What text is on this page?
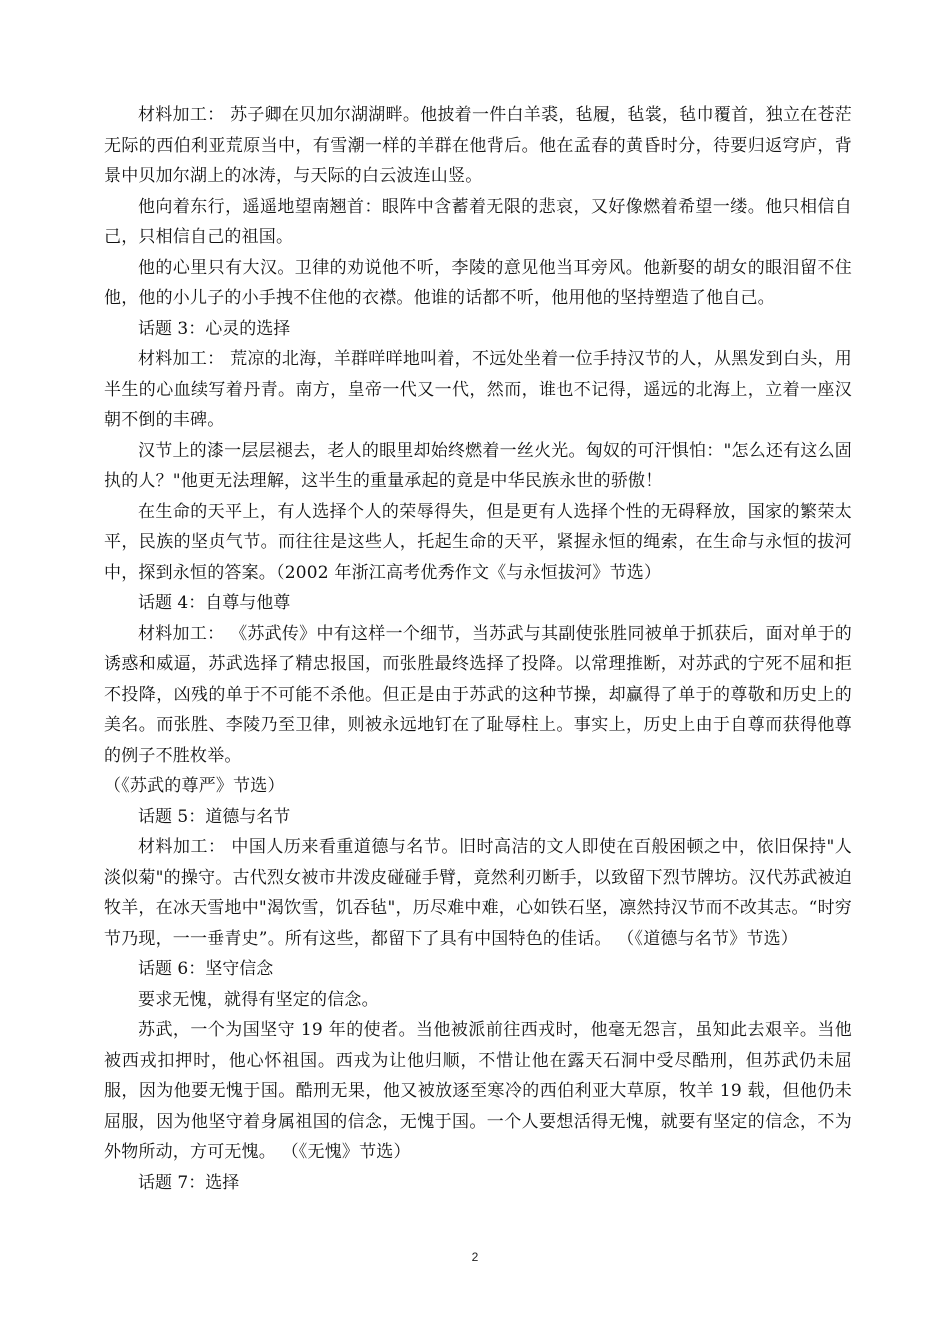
材料加工： 苏子卿在贝加尔湖湖畔。他披着一件白羊裘，毡履，毡裳，毡巾覆首，独立在苍茫无际的西伯利亚荒原当中，有雪潮一样的羊群在他背后。他在孟春的黄昏时分，待要归返穹庐，背景中贝加尔湖上的冰涛，与天际的白云波连山竖。

他向着东行，遥遥地望南翘首：眼阵中含蓄着无限的悲哀，又好像燃着希望一缕。他只相信自己，只相信自己的祖国。

他的心里只有大汉。卫律的劝说他不听，李陵的意见他当耳旁风。他新娶的胡女的眼泪留不住他，他的小儿子的小手拽不住他的衣襟。他谁的话都不听，他用他的坚持塑造了他自己。

话题 3：心灵的选择

材料加工： 荒凉的北海，羊群咩咩地叫着，不远处坐着一位手持汉节的人，从黑发到白头，用半生的心血续写着丹青。南方，皇帝一代又一代，然而，谁也不记得，遥远的北海上，立着一座汉朝不倒的丰碑。

汉节上的漆一层层褪去，老人的眼里却始终燃着一丝火光。匈奴的可汗惧怕："怎么还有这么固执的人？"他更无法理解，这半生的重量承起的竟是中华民族永世的骄傲！

在生命的天平上，有人选择个人的荣辱得失，但是更有人选择个性的无碍释放，国家的繁荣太平，民族的坚贞气节。而往往是这些人，托起生命的天平，紧握永恒的绳索，在生命与永恒的拔河中，探到永恒的答案。（2002 年浙江高考优秀作文《与永恒拔河》节选）

话题 4：自尊与他尊

材料加工： 《苏武传》中有这样一个细节，当苏武与其副使张胜同被单于抓获后，面对单于的诱惑和威逼，苏武选择了精忠报国，而张胜最终选择了投降。以常理推断，对苏武的宁死不屈和拒不投降，凶残的单于不可能不杀他。但正是由于苏武的这种节操，却赢得了单于的尊敬和历史上的美名。而张胜、李陵乃至卫律，则被永远地钉在了耻辱柱上。事实上，历史上由于自尊而获得他尊的例子不胜枚举。

（《苏武的尊严》节选）

话题 5：道德与名节

材料加工： 中国人历来看重道德与名节。旧时高洁的文人即使在百般困顿之中，依旧保持"人淡似菊"的操守。古代烈女被市井泼皮碰碰手臂，竟然利刃断手，以致留下烈节牌坊。汉代苏武被迫牧羊，在冰天雪地中"渴饮雪，饥吞毡"，历尽难中难，心如铁石坚，凛然持汉节而不改其志。“时穷节乃现，一一垂青史”。所有这些，都留下了具有中国特色的佳话。 （《道德与名节》节选）

话题 6：坚守信念

要求无愧，就得有坚定的信念。

苏武，一个为国坚守 19 年的使者。当他被派前往西戎时，他毫无怨言，虽知此去艰辛。当他被西戎扣押时，他心怀祖国。西戎为让他归顺，不惜让他在露天石洞中受尽酷刑，但苏武仍未屈服，因为他要无愧于国。酷刑无果，他又被放逐至寒冷的西伯利亚大草原，牧羊 19 载，但他仍未屈服，因为他坚守着身属祖国的信念，无愧于国。一个人要想活得无愧，就要有坚定的信念，不为外物所动，方可无愧。 （《无愧》节选）

话题 7：选择

2
